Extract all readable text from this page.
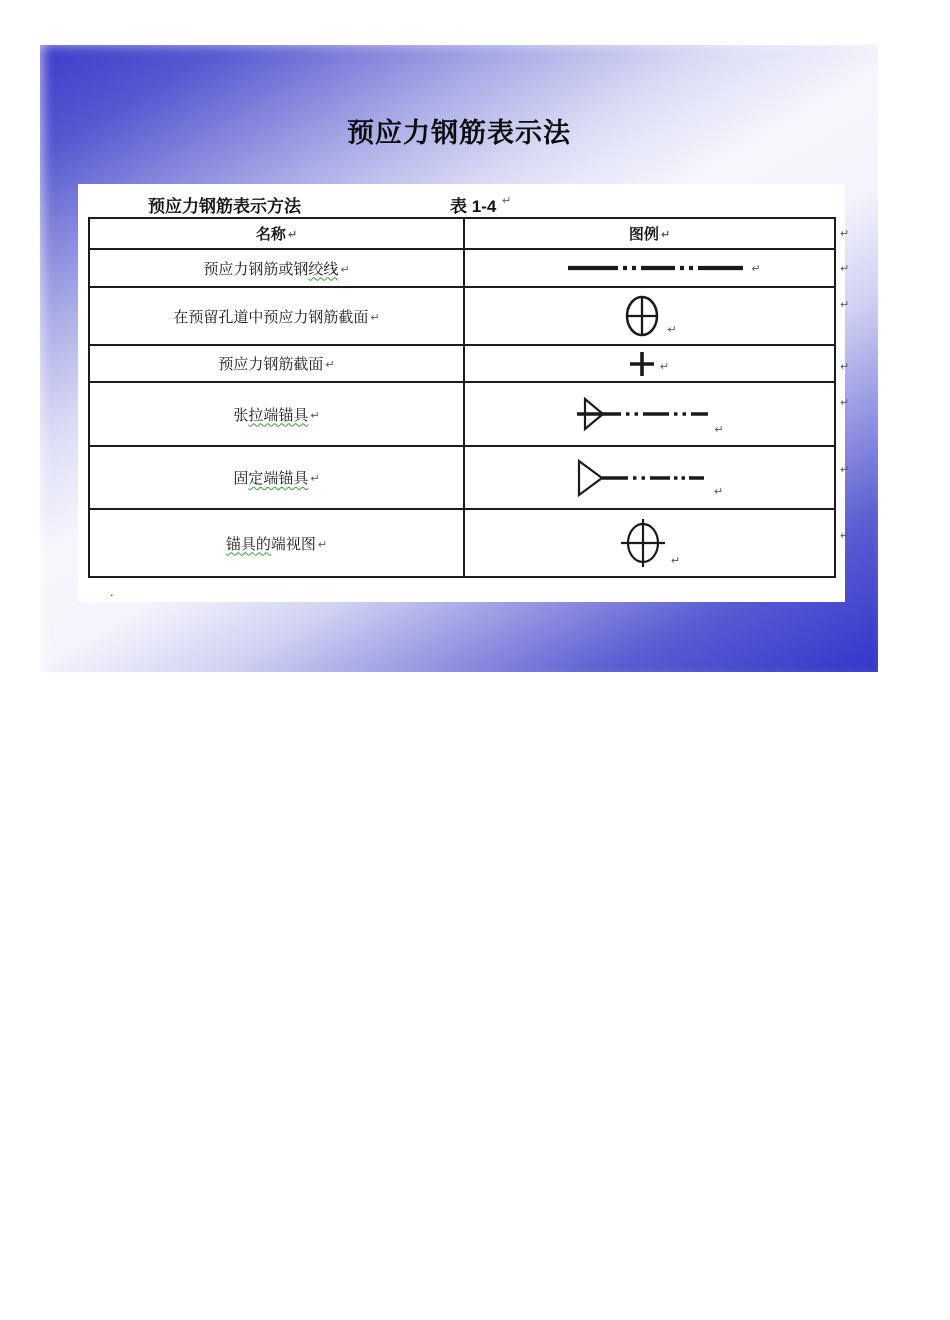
预应力钢筋表示法
预应力钢筋表示方法	表 1-4 ↵
名称 ↵	图例 ↵
预应力钢筋或钢 绞线 ↵	↵
在预留孔道中预应力钢筋截面 ↵
↵
预应力钢筋截面 ↵	↵
张 拉端锚具 ↵
↵
固 定端锚具 ↵
↵
锚具的 端视图 ↵
↵
↵
↵
↵
↵
↵
↵
↵
.
